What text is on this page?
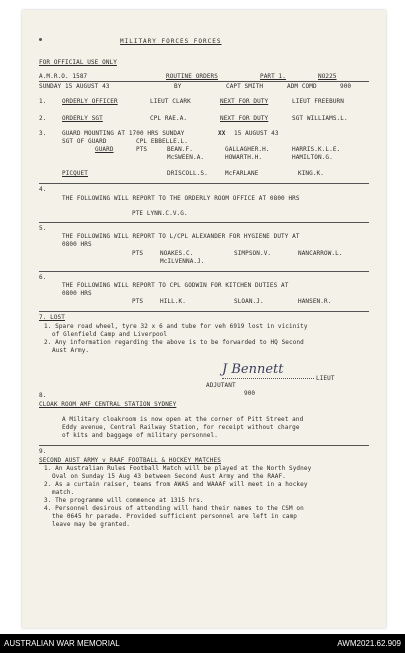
MILITARY FORCES FORCES
FOR OFFICIAL USE ONLY
A.M.R.O. 1587	ROUTINE ORDERS	PART 1.	NO225
SUNDAY 15 AUGUST 43	BY	CAPT SMITH	ADM COMD	900
1.	ORDERLY OFFICER	LIEUT CLARK	NEXT FOR DUTY	LIEUT FREEBURN
2.	ORDERLY SGT	CPL RAE.A.	NEXT FOR DUTY	SGT WILLIAMS.L.
3.	GUARD MOUNTING AT 1700 HRS SUNDAY	XX 15 AUGUST 43
SGT OF GUARD	CPL EBBELLE.L.
GUARD	PTS	BEAN.F.	GALLAGHER.H.	HARRIS.K.L.E.
McSWEEN.A.	HOWARTH.H.	HAMILTON.G.
PICQUET	DRISCOLL.S.	McFARLANE	KING.K.
4.
THE FOLLOWING WILL REPORT TO THE ORDERLY ROOM OFFICE AT 0800 HRS
PTE LYNN.C.V.G.
5.
THE FOLLOWING WILL REPORT TO L/CPL ALEXANDER FOR HYGIENE DUTY AT
0800 HRS
PTS	NOAKES.C.	SIMPSON.V.	NANCARROW.L.
McILVENNA.J.
6.
THE FOLLOWING WILL REPORT TO CPL GODWIN FOR KITCHEN DUTIES AT
0800 HRS
PTS	HILL.K.	SLOAN.J.	HANSEN.R.
7. LOST
1. Spare road wheel, tyre 32 x 6 and tube for veh 6919 lost in vicinity
of Glenfield Camp and Liverpool
2. Any information regarding the above is to be forwarded to HQ Second
Aust Army.
J Bennett
LIEUT
ADJUTANT
900
8.
CLOAK ROOM AMF CENTRAL STATION SYDNEY
A Military cloakroom is now open at the corner of Pitt Street and
Eddy avenue, Central Railway Station, for receipt without charge
of kits and baggage of military personnel.
9.
SECOND AUST ARMY v RAAF FOOTBALL & HOCKEY MATCHES
1. An Australian Rules Football Match will be played at the North Sydney
Oval on Sunday 15 Aug 43 between Second Aust Army and the RAAF.
2. As a curtain raiser, teams from AWAS and WAAAF will meet in a hockey
match.
3. The programme will commence at 1315 hrs.
4. Personnel desirous of attending will hand their names to the CSM on
the 0645 hr parade. Provided sufficient personnel are left in camp
leave may be granted.
AUSTRALIAN WAR MEMORIAL	AWM2021.62.909
